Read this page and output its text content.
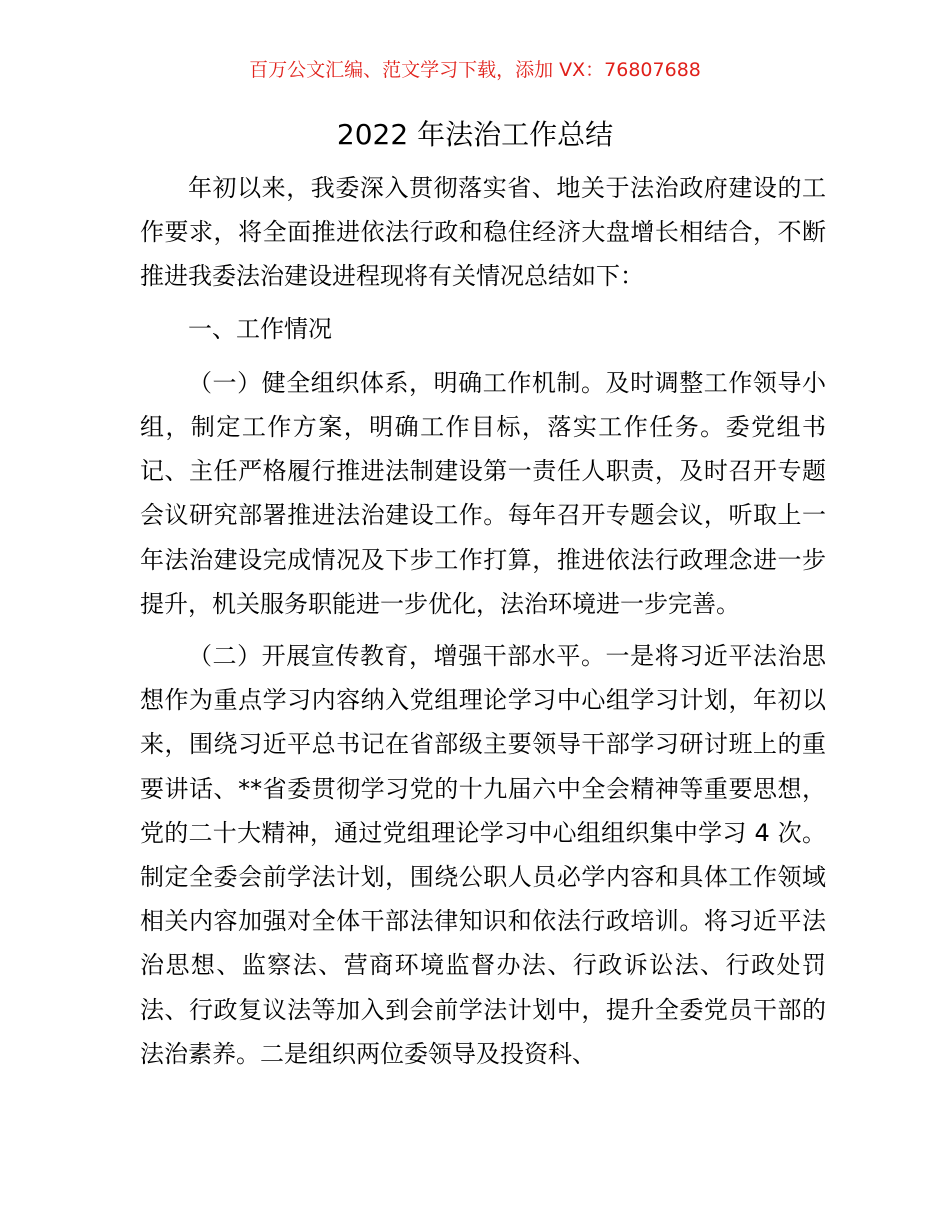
百万公文汇编、范文学习下载，添加 VX：76807688
2022 年法治工作总结

年初以来，我委深入贯彻落实省、地关于法治政府建设的工作要求，将全面推进依法行政和稳住经济大盘增长相结合，不断推进我委法治建设进程现将有关情况总结如下：

一、工作情况

（一）健全组织体系，明确工作机制。及时调整工作领导小组，制定工作方案，明确工作目标，落实工作任务。委党组书记、主任严格履行推进法制建设第一责任人职责，及时召开专题会议研究部署推进法治建设工作。每年召开专题会议，听取上一年法治建设完成情况及下步工作打算，推进依法行政理念进一步提升，机关服务职能进一步优化，法治环境进一步完善。

（二）开展宣传教育，增强干部水平。一是将习近平法治思想作为重点学习内容纳入党组理论学习中心组学习计划，年初以来，围绕习近平总书记在省部级主要领导干部学习研讨班上的重要讲话、**省委贯彻学习党的十九届六中全会精神等重要思想，党的二十大精神，通过党组理论学习中心组组织集中学习 4 次。制定全委会前学法计划，围绕公职人员必学内容和具体工作领域相关内容加强对全体干部法律知识和依法行政培训。将习近平法治思想、监察法、营商环境监督办法、行政诉讼法、行政处罚法、行政复议法等加入到会前学法计划中，提升全委党员干部的法治素养。二是组织两位委领导及投资科、
